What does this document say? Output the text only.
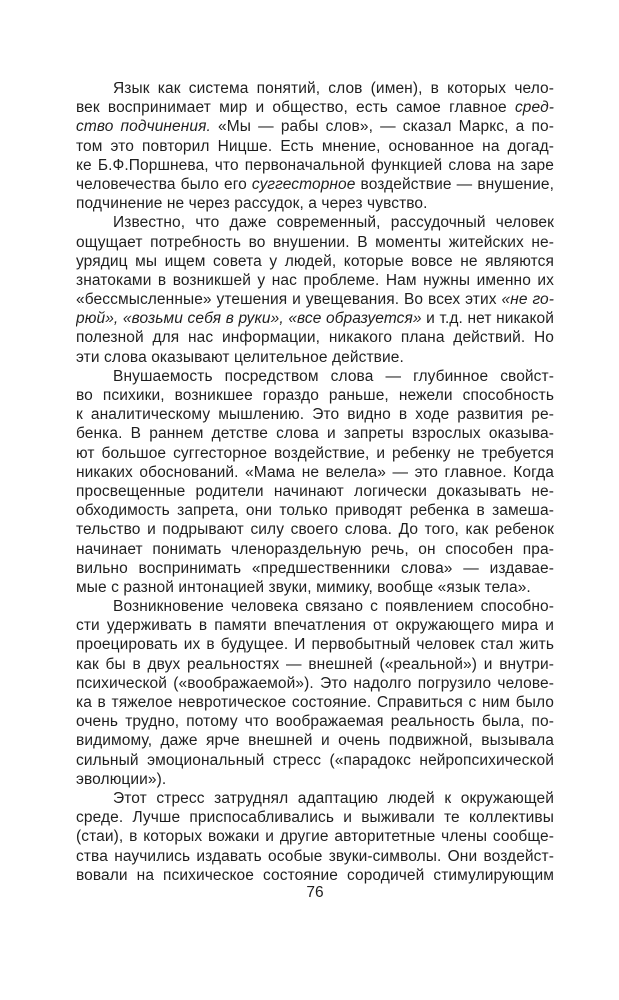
Язык как система понятий, слов (имен), в которых чело-
век воспринимает мир и общество, есть самое главное сред-
ство подчинения. «Мы — рабы слов», — сказал Маркс, а по-
том это повторил Ницше. Есть мнение, основанное на догад-
ке Б.Ф.Поршнева, что первоначальной функцией слова на заре
человечества было его суггесторное воздействие — внушение,
подчинение не через рассудок, а через чувство.
Известно, что даже современный, рассудочный человек
ощущает потребность во внушении. В моменты житейских не-
урядиц мы ищем совета у людей, которые вовсе не являются
знатоками в возникшей у нас проблеме. Нам нужны именно их
«бессмысленные» утешения и увещевания. Во всех этих «не го-
рюй», «возьми себя в руки», «все образуется» и т.д. нет никакой
полезной для нас информации, никакого плана действий. Но
эти слова оказывают целительное действие.
Внушаемость посредством слова — глубинное свойст-
во психики, возникшее гораздо раньше, нежели способность
к аналитическому мышлению. Это видно в ходе развития ре-
бенка. В раннем детстве слова и запреты взрослых оказыва-
ют большое суггесторное воздействие, и ребенку не требуется
никаких обоснований. «Мама не велела» — это главное. Когда
просвещенные родители начинают логически доказывать не-
обходимость запрета, они только приводят ребенка в замеша-
тельство и подрывают силу своего слова. До того, как ребенок
начинает понимать членораздельную речь, он способен пра-
вильно воспринимать «предшественники слова» — издавае-
мые с разной интонацией звуки, мимику, вообще «язык тела».
Возникновение человека связано с появлением способно-
сти удерживать в памяти впечатления от окружающего мира и
проецировать их в будущее. И первобытный человек стал жить
как бы в двух реальностях — внешней («реальной») и внутри-
психической («воображаемой»). Это надолго погрузило челове-
ка в тяжелое невротическое состояние. Справиться с ним было
очень трудно, потому что воображаемая реальность была, по-
видимому, даже ярче внешней и очень подвижной, вызывала
сильный эмоциональный стресс («парадокс нейропсихической
эволюции»).
Этот стресс затруднял адаптацию людей к окружающей
среде. Лучше приспосабливались и выживали те коллективы
(стаи), в которых вожаки и другие авторитетные члены сообще-
ства научились издавать особые звуки-символы. Они воздейст-
вовали на психическое состояние сородичей стимулирующим
76
